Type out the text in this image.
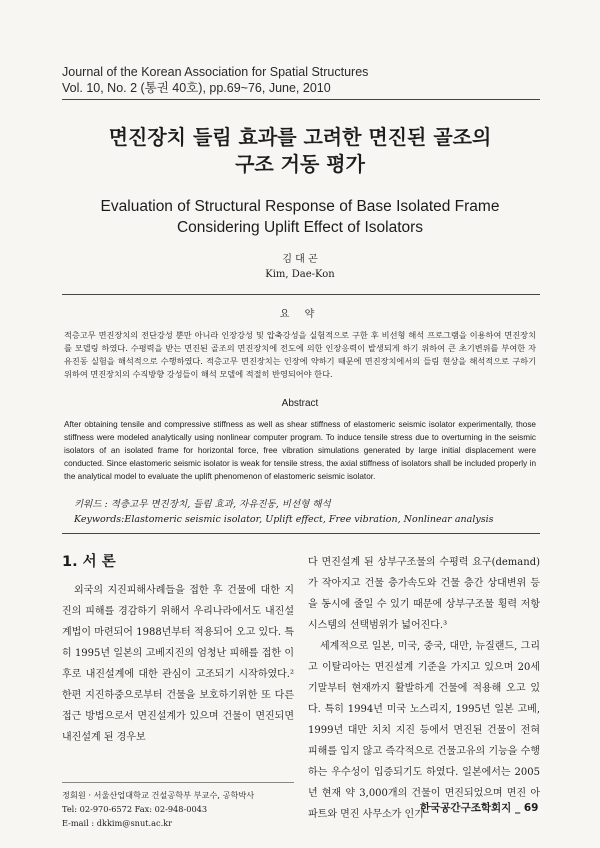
Journal of the Korean Association for Spatial Structures
Vol. 10, No. 2 (통권 40호), pp.69~76, June, 2010
면진장치 들림 효과를 고려한 면진된 골조의
구조 거동 평가
Evaluation of Structural Response of Base Isolated Frame
Considering Uplift Effect of Isolators
김 대 곤
Kim, Dae-Kon
요 약
적층고무 면진장치의 전단강성 뿐만 아니라 인장강성 및 압축강성을 실험적으로 구한 후 비선형 해석 프로그램을 이용하여 면진장치를 모델링 하였다. 수평력을 받는 면진된 골조의 면진장치에 전도에 의한 인장응력이 발생되게 하기 위하여 큰 초기변위를 부여한 자유진동 실험을 해석적으로 수행하였다. 적층고무 면진장치는 인장에 약하기 때문에 면진장치에서의 들림 현상을 해석적으로 구하기 위하여 면진장치의 수직방향 강성들이 해석 모델에 적절히 반영되어야 한다.
Abstract
After obtaining tensile and compressive stiffness as well as shear stiffness of elastomeric seismic isolator experimentally, those stiffness were modeled analytically using nonlinear computer program. To induce tensile stress due to overturning in the seismic isolators of an isolated frame for horizontal force, free vibration simulations generated by large initial displacement were conducted. Since elastomeric seismic isolator is weak for tensile stress, the axial stiffness of isolators shall be included properly in the analytical model to evaluate the uplift phenomenon of elastomeric seismic isolator.
키워드 : 적층고무 면진장치, 들림 효과, 자유진동, 비선형 해석
Keywords:Elastomeric seismic isolator, Uplift effect, Free vibration, Nonlinear analysis
1. 서 론

외국의 지진피해사례들을 접한 후 건물에 대한 지진의 피해를 경감하기 위해서 우리나라에서도 내진설계법이 마련되어 1988년부터 적용되어 오고 있다. 특히 1995년 일본의 고베지진의 엄청난 피해를 접한 이후로 내진설계에 대한 관심이 고조되기 시작하였다.² 한편 지진하중으로부터 건물을 보호하기위한 또 다른 접근 방법으로서 면진설계가 있으며 건물이 면진되면 내진설계 된 경우보

다 면진설계 된 상부구조물의 수평력 요구(demand)가 작아지고 건물 층가속도와 건물 층간 상대변위 등을 동시에 줄일 수 있기 때문에 상부구조물 횡력 저항 시스템의 선택범위가 넓어진다.³

세계적으로 일본, 미국, 중국, 대만, 뉴질랜드, 그리고 이탈리아는 면진설계 기준을 가지고 있으며 20세기말부터 현재까지 활발하게 건물에 적용해 오고 있다. 특히 1994년 미국 노스리지, 1995년 일본 고베, 1999년 대만 치치 지진 등에서 면진된 건물이 전혀 피해를 입지 않고 즉각적으로 건물고유의 기능을 수행하는 우수성이 입증되기도 하였다. 일본에서는 2005년 현재 약 3,000개의 건물이 면진되었으며 면진 아파트와 면진 사무소가 인기

정회원 · 서울산업대학교 건설공학부 부교수, 공학박사
Tel: 02-970-6572 Fax: 02-948-0043
E-mail : dkkim@snut.ac.kr
한국공간구조학회지 _ 69
